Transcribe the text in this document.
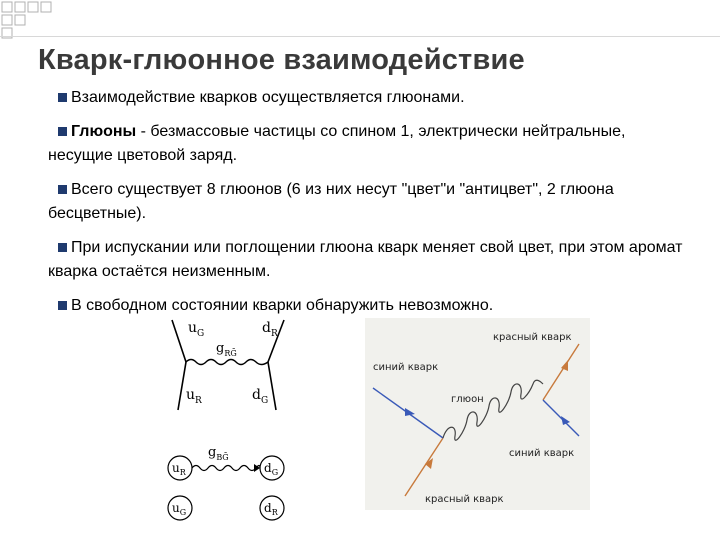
Кварк-глюонное взаимодействие
Взаимодействие кварков осуществляется глюонами.
Глюоны - безмассовые частицы со спином 1, электрически нейтральные, несущие цветовой заряд.
Всего существует 8 глюонов (6 из них несут "цвет"и "антицвет", 2 глюона бесцветные).
При испускании или поглощении глюона кварк меняет свой цвет, при этом аромат кварка остаётся неизменным.
В свободном состоянии кварки обнаружить невозможно.
$u_G$	$d_R$
$g_{RḠ}$
$u_R$	$d_G$
$g_{BḠ}$
$u_R$	$d_G$
$u_G$	$d_R$
красный кварк
синий кварк
глюон
синий кварк
красный кварк
